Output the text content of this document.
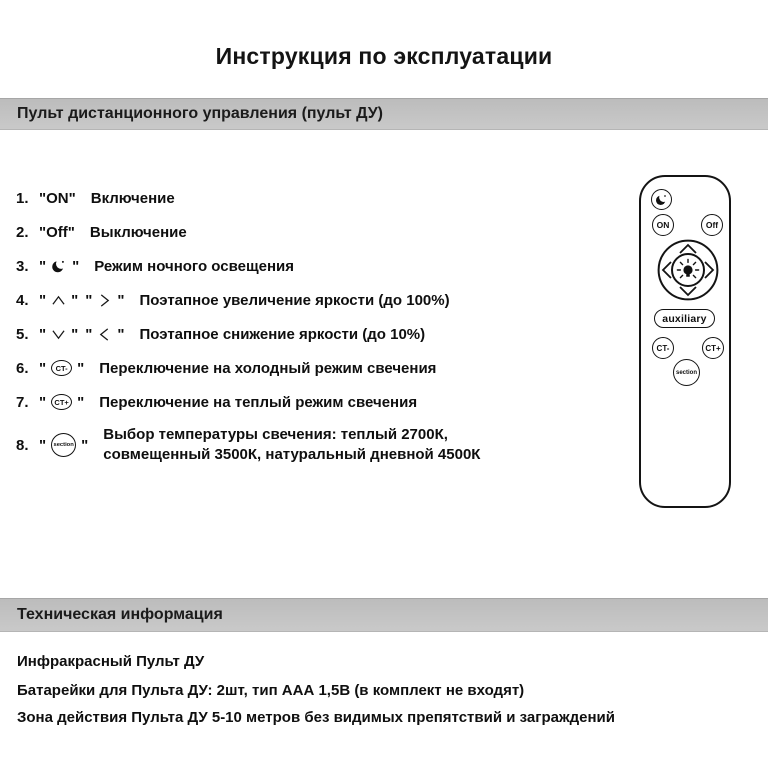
Инструкция по эксплуатации
Пульт дистанционного управления (пульт ДУ)
1. " ON " Включение
2. " Off " Выключение
3. " " Режим ночного освещения
4. " " " " Поэтапное увеличение яркости (до 100%)
5. " " " " Поэтапное снижение яркости (до 10%)
6. "	CT- " Переключение на холодный режим свечения
7. "	CT+ " Переключение на теплый режим свечения
8. "	section "
Выбор температуры свечения: теплый 2700К,
совмещенный 3500К, натуральный дневной 4500К
ON	Off
auxiliary
CT-	CT+
section
Техническая информация
Инфракрасный Пульт ДУ
Батарейки для Пульта ДУ: 2шт, тип ААА 1,5В (в комплект не входят)
Зона действия Пульта ДУ 5-10 метров без видимых препятствий и заграждений
